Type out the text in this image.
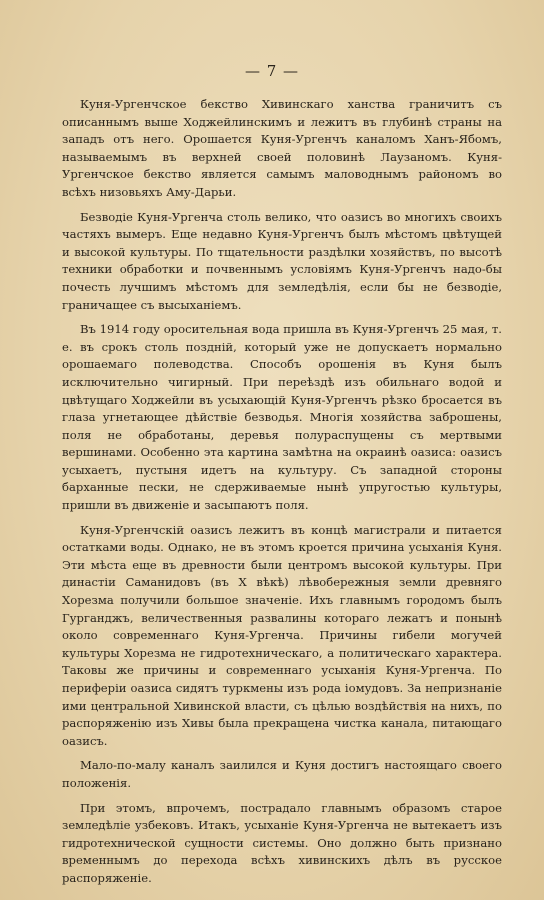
— 7 —

Куня-Ургенчское бекство Хивинскаго ханства граничитъ съ описаннымъ выше Ходжейлинскимъ и лежитъ въ глубинѣ страны на западъ отъ него. Орошается Куня-Ургенчъ каналомъ Ханъ-Ябомъ, называемымъ въ верхней своей половинѣ Лаузаномъ. Куня-Ургенчское бекство является самымъ маловоднымъ райономъ во всѣхъ низовьяхъ Аму-Дарьи.

Безводіе Куня-Ургенча столь велико, что оазисъ во многихъ своихъ частяхъ вымеръ. Еще недавно Куня-Ургенчъ былъ мѣстомъ цвѣтущей и высокой культуры. По тщательности раздѣлки хозяйствъ, по высотѣ техники обработки и почвеннымъ условіямъ Куня-Ургенчъ надо-бы почесть лучшимъ мѣстомъ для земледѣлія, если бы не безводіе, граничащее съ высыханіемъ.

Въ 1914 году оросительная вода пришла въ Куня-Ургенчъ 25 мая, т. е. въ срокъ столь поздній, который уже не допускаетъ нормально орошаемаго полеводства. Способъ орошенія въ Куня былъ исключительно чигирный. При переѣздѣ изъ обильнаго водой и цвѣтущаго Ходжейли въ усыхающій Куня-Ургенчъ рѣзко бросается въ глаза угнетающее дѣйствіе безводья. Многія хозяйства заброшены, поля не обработаны, деревья полураспущены съ мертвыми вершинами. Особенно эта картина замѣтна на окраинѣ оазиса: оазисъ усыхаетъ, пустыня идетъ на культуру. Съ западной стороны барханные пески, не сдерживаемые нынѣ упругостью культуры, пришли въ движеніе и засыпаютъ поля.

Куня-Ургенчскій оазисъ лежитъ въ концѣ магистрали и питается остатками воды. Однако, не въ этомъ кроется причина усыханія Куня. Эти мѣста еще въ древности были центромъ высокой культуры. При династіи Саманидовъ (въ X вѣкѣ) лѣвобережныя земли древняго Хорезма получили большое значеніе. Ихъ главнымъ городомъ былъ Гурганджъ, величественныя развалины котораго лежатъ и понынѣ около современнаго Куня-Ургенча. Причины гибели могучей культуры Хорезма не гидротехническаго, а политическаго характера. Таковы же причины и современнаго усыханія Куня-Ургенча. По периферіи оазиса сидятъ туркмены изъ рода іомудовъ. За непризнаніе ими центральной Хивинской власти, съ цѣлью воздѣйствія на нихъ, по распоряженію изъ Хивы была прекращена чистка канала, питающаго оазисъ.

Мало-по-малу каналъ заилился и Куня достигъ настоящаго своего положенія.

При этомъ, впрочемъ, пострадало главнымъ образомъ старое земледѣліе узбековъ. Итакъ, усыханіе Куня-Ургенча не вытекаетъ изъ гидротехнической сущности системы. Оно должно быть признано временнымъ до перехода всѣхъ хивинскихъ дѣлъ въ русское распоряженіе.
